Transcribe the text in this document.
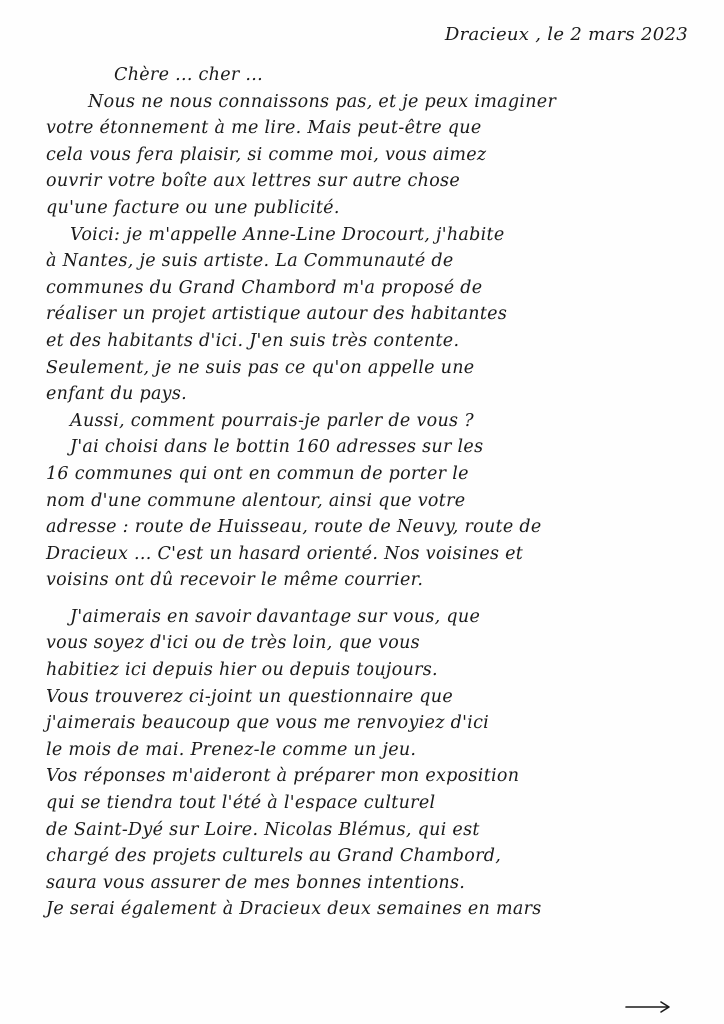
Dracieux , le 2 mars 2023
Chère ... cher ...
Nous ne nous connaissons pas, et je peux imaginer
votre étonnement à me lire. Mais peut-être que
cela vous fera plaisir, si comme moi, vous aimez
ouvrir votre boîte aux lettres sur autre chose
qu'une facture ou une publicité.
Voici: je m'appelle Anne-Line Drocourt, j'habite
à Nantes, je suis artiste. La Communauté de
communes du Grand Chambord m'a proposé de
réaliser un projet artistique autour des habitantes
et des habitants d'ici. J'en suis très contente.
Seulement, je ne suis pas ce qu'on appelle une
enfant du pays.
Aussi, comment pourrais-je parler de vous ?
J'ai choisi dans le bottin 160 adresses sur les
16 communes qui ont en commun de porter le
nom d'une commune alentour, ainsi que votre
adresse : route de Huisseau, route de Neuvy, route de
Dracieux ... C'est un hasard orienté. Nos voisines et
voisins ont dû recevoir le même courrier.
J'aimerais en savoir davantage sur vous, que
vous soyez d'ici ou de très loin, que vous
habitiez ici depuis hier ou depuis toujours.
Vous trouverez ci-joint un questionnaire que
j'aimerais beaucoup que vous me renvoyiez d'ici
le mois de mai. Prenez-le comme un jeu.
Vos réponses m'aideront à préparer mon exposition
qui se tiendra tout l'été à l'espace culturel
de Saint-Dyé sur Loire. Nicolas Blémus, qui est
chargé des projets culturels au Grand Chambord,
saura vous assurer de mes bonnes intentions.
Je serai également à Dracieux deux semaines en mars
